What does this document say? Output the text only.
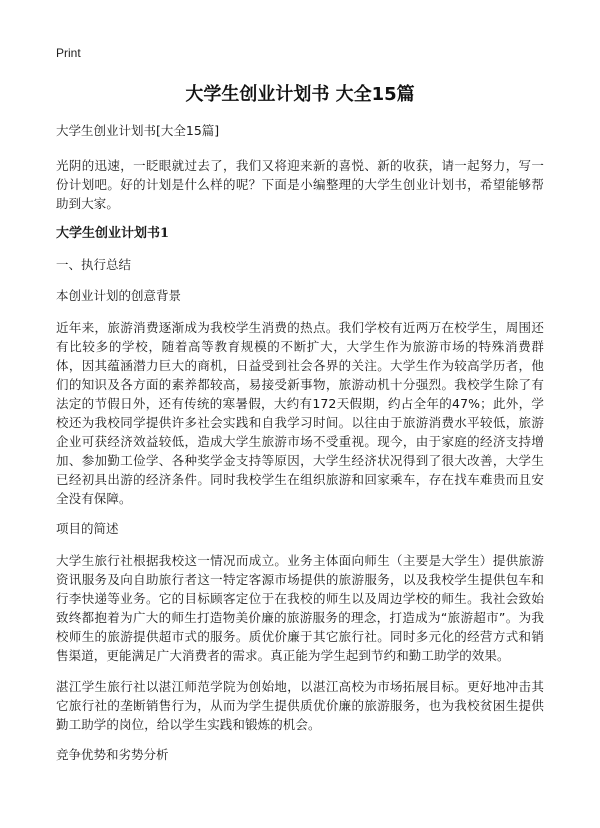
Print
大学生创业计划书 大全15篇
大学生创业计划书[大全15篇]

光阴的迅速，一眨眼就过去了，我们又将迎来新的喜悦、新的收获，请一起努力，写一份计划吧。好的计划是什么样的呢？下面是小编整理的大学生创业计划书，希望能够帮助到大家。

大学生创业计划书1
一、执行总结
本创业计划的创意背景

近年来，旅游消费逐渐成为我校学生消费的热点。我们学校有近两万在校学生，周围还有比较多的学校，随着高等教育规模的不断扩大，大学生作为旅游市场的特殊消费群体，因其蕴涵潜力巨大的商机，日益受到社会各界的关注。大学生作为较高学历者，他们的知识及各方面的素养都较高，易接受新事物，旅游动机十分强烈。我校学生除了有法定的节假日外，还有传统的寒暑假，大约有172天假期，约占全年的47%；此外，学校还为我校同学提供许多社会实践和自我学习时间。以往由于旅游消费水平较低，旅游企业可获经济效益较低，造成大学生旅游市场不受重视。现今，由于家庭的经济支持增加、参加勤工俭学、各种奖学金支持等原因，大学生经济状况得到了很大改善，大学生已经初具出游的经济条件。同时我校学生在组织旅游和回家乘车，存在找车难贵而且安全没有保障。

项目的简述

大学生旅行社根据我校这一情况而成立。业务主体面向师生（主要是大学生）提供旅游资讯服务及向自助旅行者这一特定客源市场提供的旅游服务，以及我校学生提供包车和行李快递等业务。它的目标顾客定位于在我校的师生以及周边学校的师生。我社会致始致终都抱着为广大的师生打造物美价廉的旅游服务的理念，打造成为“旅游超市”。为我校师生的旅游提供超市式的服务。质优价廉于其它旅行社。同时多元化的经营方式和销售渠道，更能满足广大消费者的需求。真正能为学生起到节约和勤工助学的效果。

湛江学生旅行社以湛江师范学院为创始地，以湛江高校为市场拓展目标。更好地冲击其它旅行社的垄断销售行为，从而为学生提供质优价廉的旅游服务，也为我校贫困生提供勤工助学的岗位，给以学生实践和锻炼的机会。

竞争优势和劣势分析
